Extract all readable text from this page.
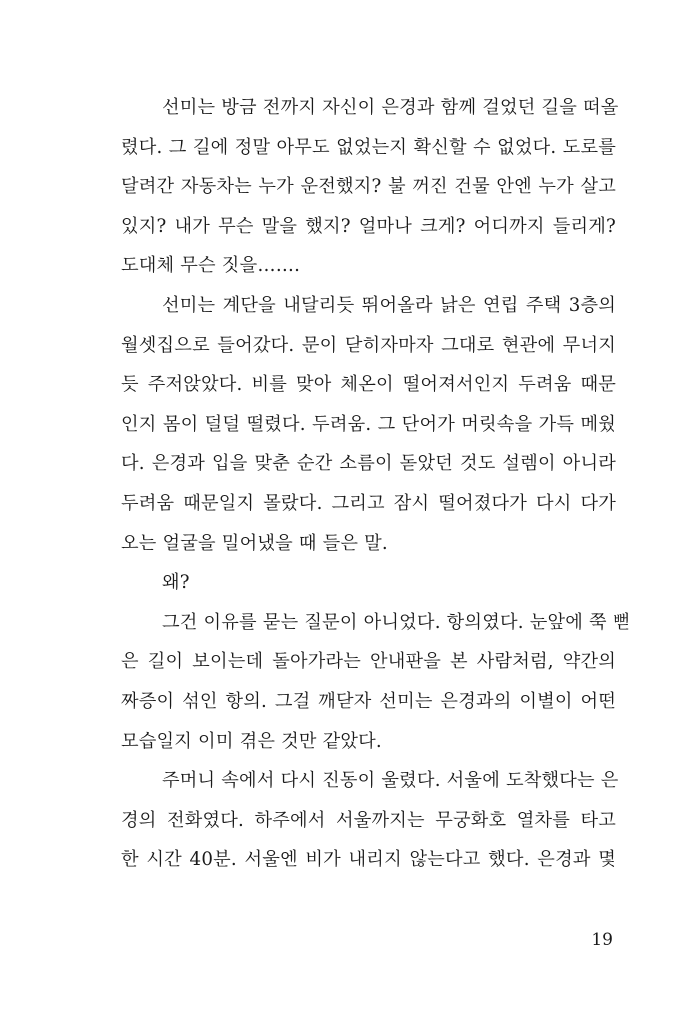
선미는 방금 전까지 자신이 은경과 함께 걸었던 길을 떠올
렸다. 그 길에 정말 아무도 없었는지 확신할 수 없었다. 도로를
달려간 자동차는 누가 운전했지? 불 꺼진 건물 안엔 누가 살고
있지? 내가 무슨 말을 했지? 얼마나 크게? 어디까지 들리게?
도대체 무슨 짓을…….
선미는 계단을 내달리듯 뛰어올라 낡은 연립 주택 3층의
월셋집으로 들어갔다. 문이 닫히자마자 그대로 현관에 무너지
듯 주저앉았다. 비를 맞아 체온이 떨어져서인지 두려움 때문
인지 몸이 덜덜 떨렸다. 두려움. 그 단어가 머릿속을 가득 메웠
다. 은경과 입을 맞춘 순간 소름이 돋았던 것도 설렘이 아니라
두려움 때문일지 몰랐다. 그리고 잠시 떨어졌다가 다시 다가
오는 얼굴을 밀어냈을 때 들은 말.
왜?
그건 이유를 묻는 질문이 아니었다. 항의였다. 눈앞에 쭉 뻗
은 길이 보이는데 돌아가라는 안내판을 본 사람처럼, 약간의
짜증이 섞인 항의. 그걸 깨닫자 선미는 은경과의 이별이 어떤
모습일지 이미 겪은 것만 같았다.
주머니 속에서 다시 진동이 울렸다. 서울에 도착했다는 은
경의 전화였다. 하주에서 서울까지는 무궁화호 열차를 타고
한 시간 40분. 서울엔 비가 내리지 않는다고 했다. 은경과 몇
19
